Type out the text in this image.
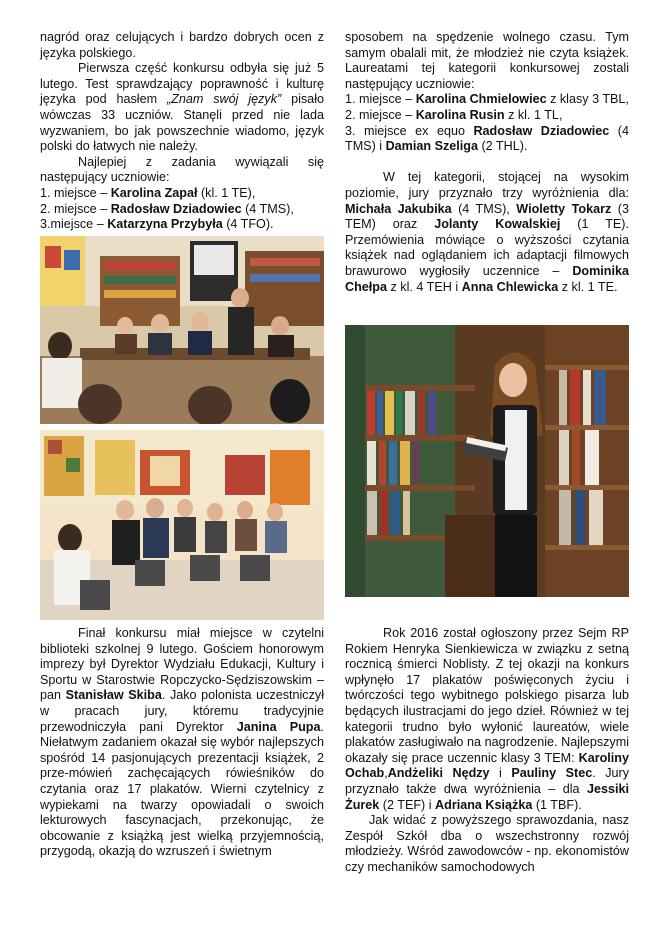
nagród oraz celujących i bardzo dobrych ocen z języka polskiego.

Pierwsza część konkursu odbyła się już 5 lutego. Test sprawdzający poprawność i kulturę języka pod hasłem „Znam swój język” pisało wówczas 33 uczniów. Stanęli przed nie lada wyzwaniem, bo jak powszechnie wiadomo, język polski do łatwych nie należy.

Najlepiej z zadania wywiązali się następujący uczniowie:

1. miejsce – Karolina Zapał (kl. 1 TE),

2. miejsce – Radosław Dziadowiec (4 TMS),

3.miejsce – Katarzyna Przybyła (4 TFO).

Finał konkursu miał miejsce w czytelni biblioteki szkolnej 9 lutego. Gościem honorowym imprezy był Dyrektor Wydziału Edukacji, Kultury i Sportu w Starostwie Ropczycko-Sędziszowskim – pan Stanisław Skiba. Jako polonista uczestniczył w pracach jury, któremu tradycyjnie przewodniczyła pani Dyrektor Janina Pupa. Niełatwym zadaniem okazał się wybór najlepszych spośród 14 pasjonujących prezentacji książek, 2 prze-mówień zachęcających rówieśników do czytania oraz 17 plakatów. Wierni czytelnicy z wypiekami na twarzy opowiadali o swoich lekturowych fascynacjach, przekonując, że obcowanie z książką jest wielką przyjemnością, przygodą, okazją do wzruszeń i świetnym

sposobem na spędzenie wolnego czasu. Tym samym obalali mit, że młodzież nie czyta książek. Laureatami tej kategorii konkursowej zostali następujący uczniowie:

1. miejsce – Karolina Chmielowiec z klasy 3 TBL,

2. miejsce – Karolina Rusin z kl. 1 TL,

3. miejsce ex equo Radosław Dziadowiec (4 TMS) i Damian Szeliga (2 THL).

W tej kategorii, stojącej na wysokim poziomie, jury przyznało trzy wyróżnienia dla: Michała Jakubika (4 TMS), Wioletty Tokarz (3 TEM) oraz Jolanty Kowalskiej (1 TE). Przemówienia mówiące o wyższości czytania książek nad oglądaniem ich adaptacji filmowych brawurowo wygłosiły uczennice – Dominika Chełpa z kl. 4 TEH i Anna Chlewicka z kl. 1 TE.

Rok 2016 został ogłoszony przez Sejm RP Rokiem Henryka Sienkiewicza w związku z setną rocznicą śmierci Noblisty. Z tej okazji na konkurs wpłynęło 17 plakatów poświęconych życiu i twórczości tego wybitnego polskiego pisarza lub będących ilustracjami do jego dzieł. Również w tej kategorii trudno było wyłonić laureatów, wiele plakatów zasługiwało na nagrodzenie. Najlepszymi okazały się prace uczennic klasy 3 TEM: Karoliny Ochab,Andżeliki Nędzy i Pauliny Stec. Jury przyznało także dwa wyróżnienia – dla Jessiki Żurek (2 TEF) i Adriana Książka (1 TBF).

Jak widać z powyższego sprawozdania, nasz Zespół Szkół dba o wszechstronny rozwój młodzieży. Wśród zawodowców - np. ekonomistów czy mechaników samochodowych
